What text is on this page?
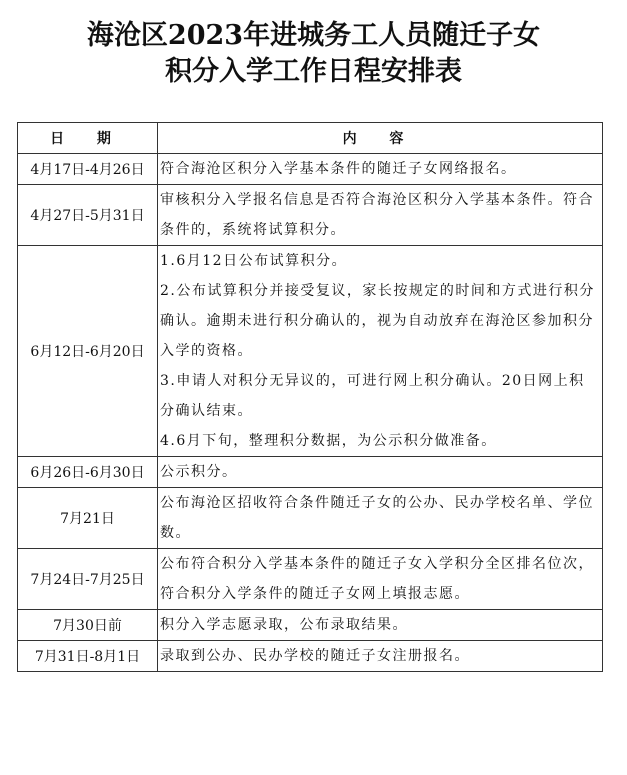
海沧区2023年进城务工人员随迁子女
积分入学工作日程安排表
日 期	内 容
4月17日-4月26日	符合海沧区积分入学基本条件的随迁子女网络报名。

4月27日-5月31日	审核积分入学报名信息是否符合海沧区积分入学基本条件。符合条件的，系统将试算积分。

6月12日-6月20日	1.6月12日公布试算积分。
2.公布试算积分并接受复议，家长按规定的时间和方式进行积分确认。逾期未进行积分确认的，视为自动放弃在海沧区参加积分入学的资格。
3.申请人对积分无异议的，可进行网上积分确认。20日网上积分确认结束。
4.6月下旬，整理积分数据，为公示积分做准备。

6月26日-6月30日	公示积分。

7月21日	公布海沧区招收符合条件随迁子女的公办、民办学校名单、学位数。

7月24日-7月25日	公布符合积分入学基本条件的随迁子女入学积分全区排名位次，符合积分入学条件的随迁子女网上填报志愿。

7月30日前	积分入学志愿录取，公布录取结果。

7月31日-8月1日	录取到公办、民办学校的随迁子女注册报名。
